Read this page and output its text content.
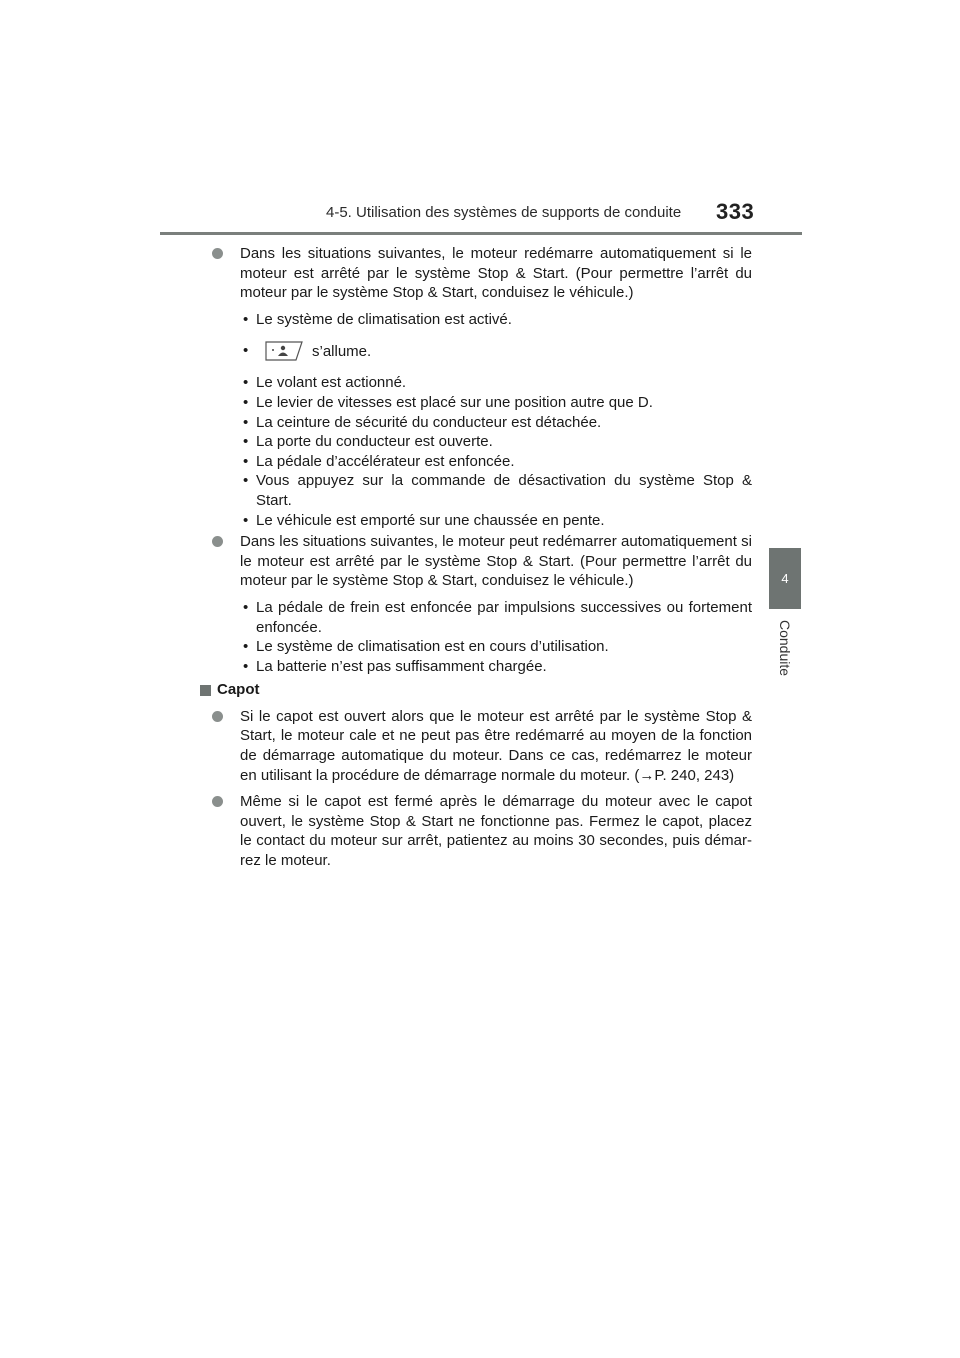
4-5. Utilisation des systèmes de supports de conduite 333
4
Conduite
Dans les situations suivantes, le moteur redémarre automatiquement si le moteur est arrêté par le système Stop & Start. (Pour permettre l’arrêt du moteur par le système Stop & Start, conduisez le véhicule.)
• Le système de climatisation est activé.
•	s’allume.
• Le volant est actionné.
• Le levier de vitesses est placé sur une position autre que D.
• La ceinture de sécurité du conducteur est détachée.
• La porte du conducteur est ouverte.
• La pédale d’accélérateur est enfoncée.
• Vous appuyez sur la commande de désactivation du système Stop & Start.
• Le véhicule est emporté sur une chaussée en pente.
Dans les situations suivantes, le moteur peut redémarrer automatiquement si le moteur est arrêté par le système Stop & Start. (Pour permettre l’arrêt du moteur par le système Stop & Start, conduisez le véhicule.)
• La pédale de frein est enfoncée par impulsions successives ou fortement enfoncée.
• Le système de climatisation est en cours d’utilisation.
• La batterie n’est pas suffisamment chargée.
Capot
Si le capot est ouvert alors que le moteur est arrêté par le système Stop & Start, le moteur cale et ne peut pas être redémarré au moyen de la fonction de démarrage automatique du moteur. Dans ce cas, redémarrez le moteur en utilisant la procédure de démarrage normale du moteur. (→P. 240, 243)
Même si le capot est fermé après le démarrage du moteur avec le capot ouvert, le système Stop & Start ne fonctionne pas. Fermez le capot, placez le contact du moteur sur arrêt, patientez au moins 30 secondes, puis démar-rez le moteur.
